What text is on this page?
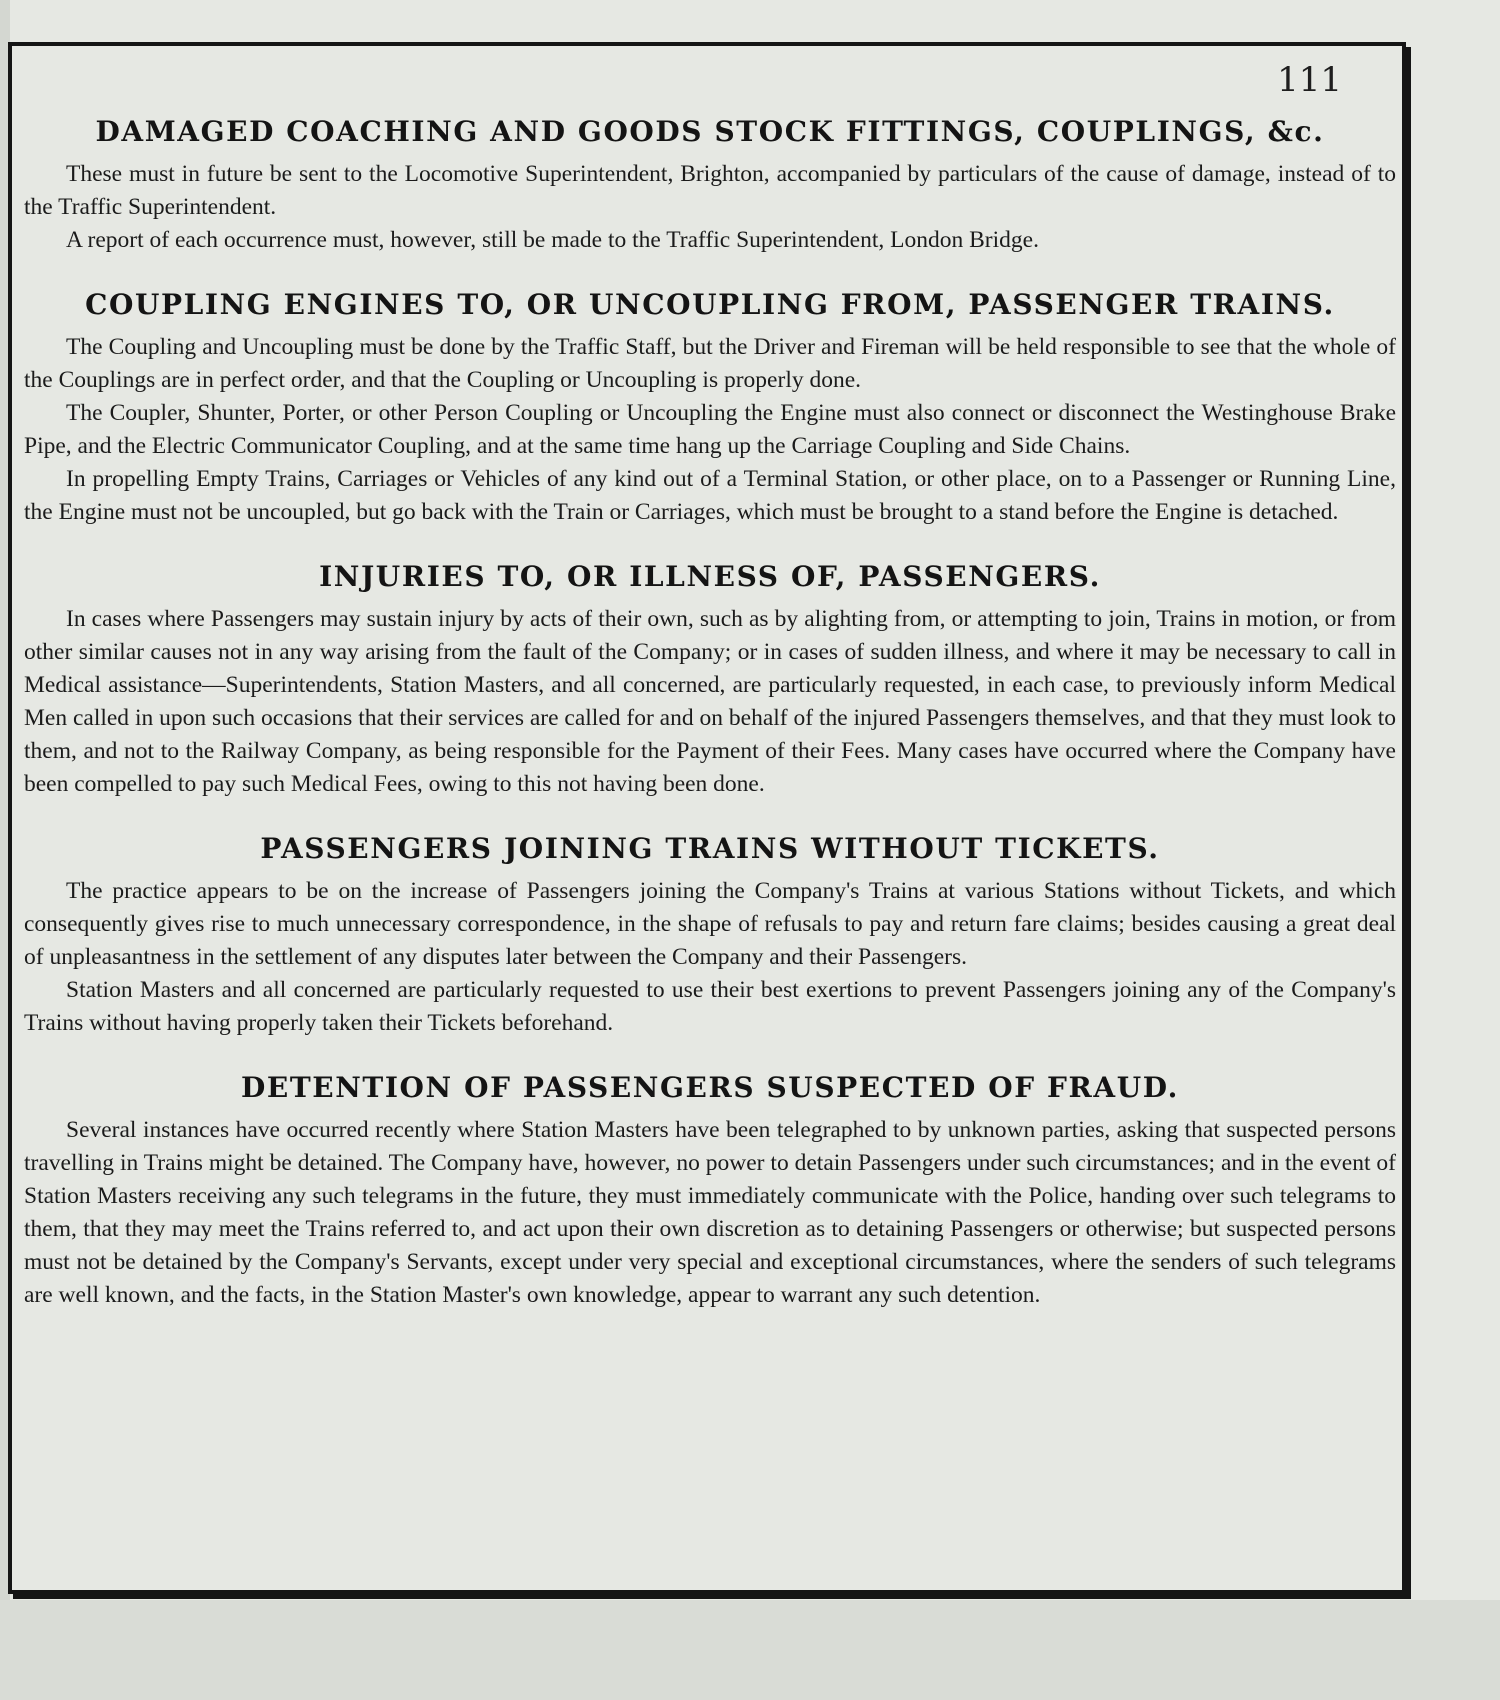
111
DAMAGED COACHING AND GOODS STOCK FITTINGS, COUPLINGS, &c.

These must in future be sent to the Locomotive Superintendent, Brighton, accompanied by particulars of the cause of damage, instead of to the Traffic Superintendent.

A report of each occurrence must, however, still be made to the Traffic Superintendent, London Bridge.

COUPLING ENGINES TO, OR UNCOUPLING FROM, PASSENGER TRAINS.

The Coupling and Uncoupling must be done by the Traffic Staff, but the Driver and Fireman will be held responsible to see that the whole of the Couplings are in perfect order, and that the Coupling or Uncoupling is properly done.

The Coupler, Shunter, Porter, or other Person Coupling or Uncoupling the Engine must also connect or disconnect the Westinghouse Brake Pipe, and the Electric Communicator Coupling, and at the same time hang up the Carriage Coupling and Side Chains.

In propelling Empty Trains, Carriages or Vehicles of any kind out of a Terminal Station, or other place, on to a Passenger or Running Line, the Engine must not be uncoupled, but go back with the Train or Carriages, which must be brought to a stand before the Engine is detached.

INJURIES TO, OR ILLNESS OF, PASSENGERS.

In cases where Passengers may sustain injury by acts of their own, such as by alighting from, or attempting to join, Trains in motion, or from other similar causes not in any way arising from the fault of the Company; or in cases of sudden illness, and where it may be necessary to call in Medical assistance—Superintendents, Station Masters, and all concerned, are particularly requested, in each case, to previously inform Medical Men called in upon such occasions that their services are called for and on behalf of the injured Passengers themselves, and that they must look to them, and not to the Railway Company, as being responsible for the Payment of their Fees. Many cases have occurred where the Company have been compelled to pay such Medical Fees, owing to this not having been done.

PASSENGERS JOINING TRAINS WITHOUT TICKETS.

The practice appears to be on the increase of Passengers joining the Company's Trains at various Stations without Tickets, and which consequently gives rise to much unnecessary correspondence, in the shape of refusals to pay and return fare claims; besides causing a great deal of unpleasantness in the settlement of any disputes later between the Company and their Passengers.

Station Masters and all concerned are particularly requested to use their best exertions to prevent Passengers joining any of the Company's Trains without having properly taken their Tickets beforehand.

DETENTION OF PASSENGERS SUSPECTED OF FRAUD.

Several instances have occurred recently where Station Masters have been telegraphed to by unknown parties, asking that suspected persons travelling in Trains might be detained. The Company have, however, no power to detain Passengers under such circumstances; and in the event of Station Masters receiving any such telegrams in the future, they must immediately communicate with the Police, handing over such telegrams to them, that they may meet the Trains referred to, and act upon their own discretion as to detaining Passengers or otherwise; but suspected persons must not be detained by the Company's Servants, except under very special and exceptional circumstances, where the senders of such telegrams are well known, and the facts, in the Station Master's own knowledge, appear to warrant any such detention.
